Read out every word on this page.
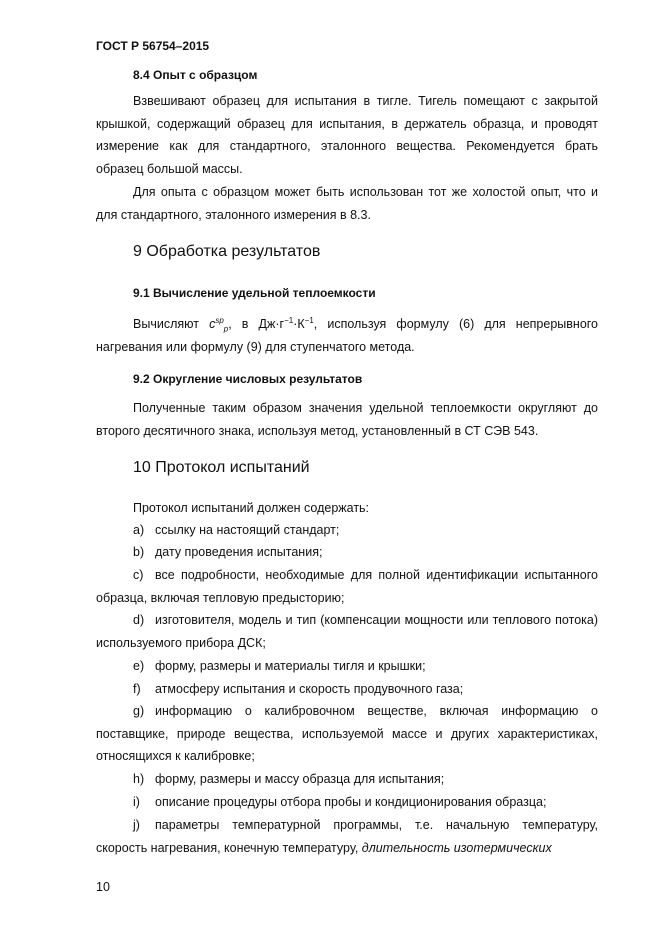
ГОСТ Р 56754–2015
8.4 Опыт с образцом

Взвешивают образец для испытания в тигле. Тигель помещают с закрытой крышкой, содержащий образец для испытания, в держатель образца, и проводят измерение как для стандартного, эталонного вещества. Рекомендуется брать образец большой массы.

Для опыта с образцом может быть использован тот же холостой опыт, что и для стандартного, эталонного измерения в 8.3.

9 Обработка результатов
9.1 Вычисление удельной теплоемкости

Вычисляют $c^{sp}_p$, в $Дж\cdot г^{-1}\cdot К^{-1}$, используя формулу (6) для непрерывного нагревания или формулу (9) для ступенчатого метода.

9.2 Округление числовых результатов

Полученные таким образом значения удельной теплоемкости округляют до второго десятичного знака, используя метод, установленный в СТ СЭВ 543.

10 Протокол испытаний

Протокол испытаний должен содержать:

а) ссылку на настоящий стандарт;

b) дату проведения испытания;

c) все подробности, необходимые для полной идентификации испытанного образца, включая тепловую предысторию;

d) изготовителя, модель и тип (компенсации мощности или теплового потока) используемого прибора ДСК;

e) форму, размеры и материалы тигля и крышки;

f) атмосферу испытания и скорость продувочного газа;

g) информацию о калибровочном веществе, включая информацию о поставщике, природе вещества, используемой массе и других характеристиках, относящихся к калибровке;

h) форму, размеры и массу образца для испытания;

i) описание процедуры отбора пробы и кондиционирования образца;

j) параметры температурной программы, т.е. начальную температуру, скорость нагревания, конечную температуру, длительность изотермических

10
